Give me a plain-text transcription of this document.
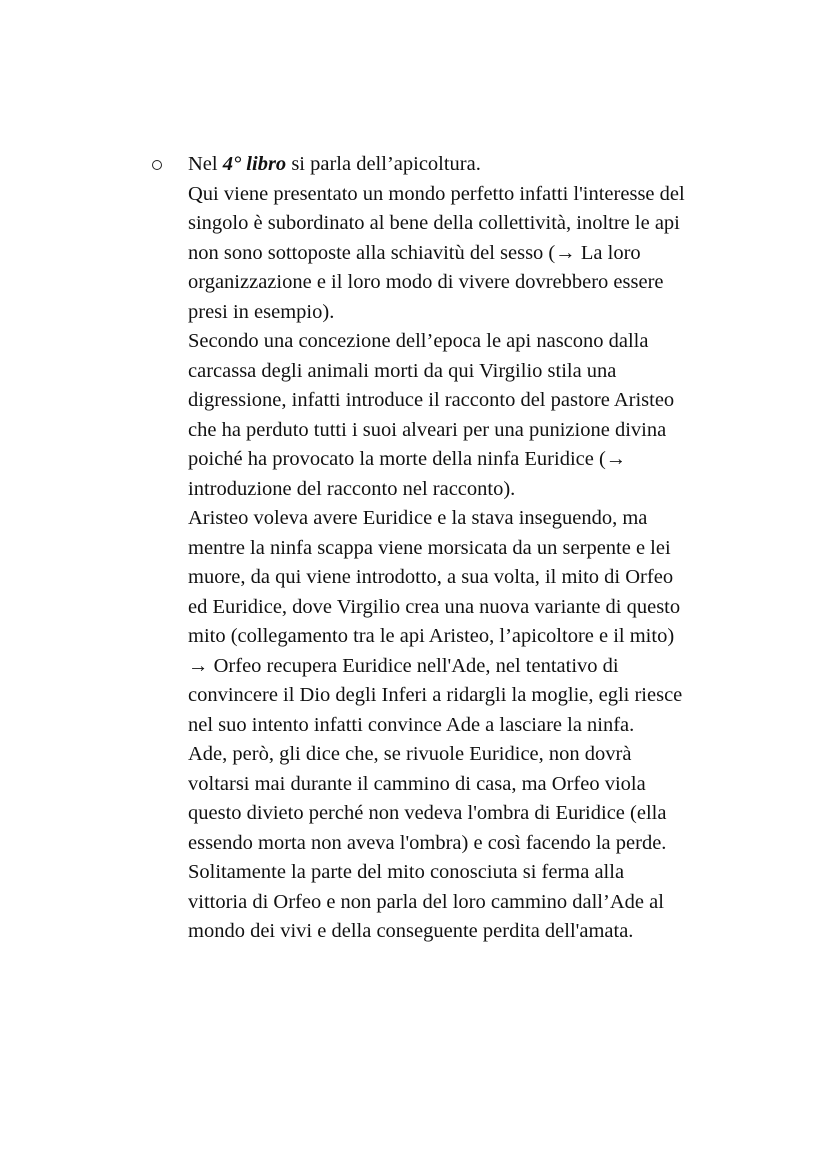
Nel 4° libro si parla dell’apicoltura.
Qui viene presentato un mondo perfetto infatti l'interesse del
singolo è subordinato al bene della collettività, inoltre le api
non sono sottoposte alla schiavitù del sesso (→ La loro
organizzazione e il loro modo di vivere dovrebbero essere
presi in esempio).
Secondo una concezione dell’epoca le api nascono dalla
carcassa degli animali morti da qui Virgilio stila una
digressione, infatti introduce il racconto del pastore Aristeo
che ha perduto tutti i suoi alveari per una punizione divina
poiché ha provocato la morte della ninfa Euridice (→
introduzione del racconto nel racconto).
Aristeo voleva avere Euridice e la stava inseguendo, ma
mentre la ninfa scappa viene morsicata da un serpente e lei
muore, da qui viene introdotto, a sua volta, il mito di Orfeo
ed Euridice, dove Virgilio crea una nuova variante di questo
mito (collegamento tra le api Aristeo, l’apicoltore e il mito)
→ Orfeo recupera Euridice nell'Ade, nel tentativo di
convincere il Dio degli Inferi a ridargli la moglie, egli riesce
nel suo intento infatti convince Ade a lasciare la ninfa.
Ade, però, gli dice che, se rivuole Euridice, non dovrà
voltarsi mai durante il cammino di casa, ma Orfeo viola
questo divieto perché non vedeva l'ombra di Euridice (ella
essendo morta non aveva l'ombra) e così facendo la perde.
Solitamente la parte del mito conosciuta si ferma alla
vittoria di Orfeo e non parla del loro cammino dall’Ade al
mondo dei vivi e della conseguente perdita dell'amata.
